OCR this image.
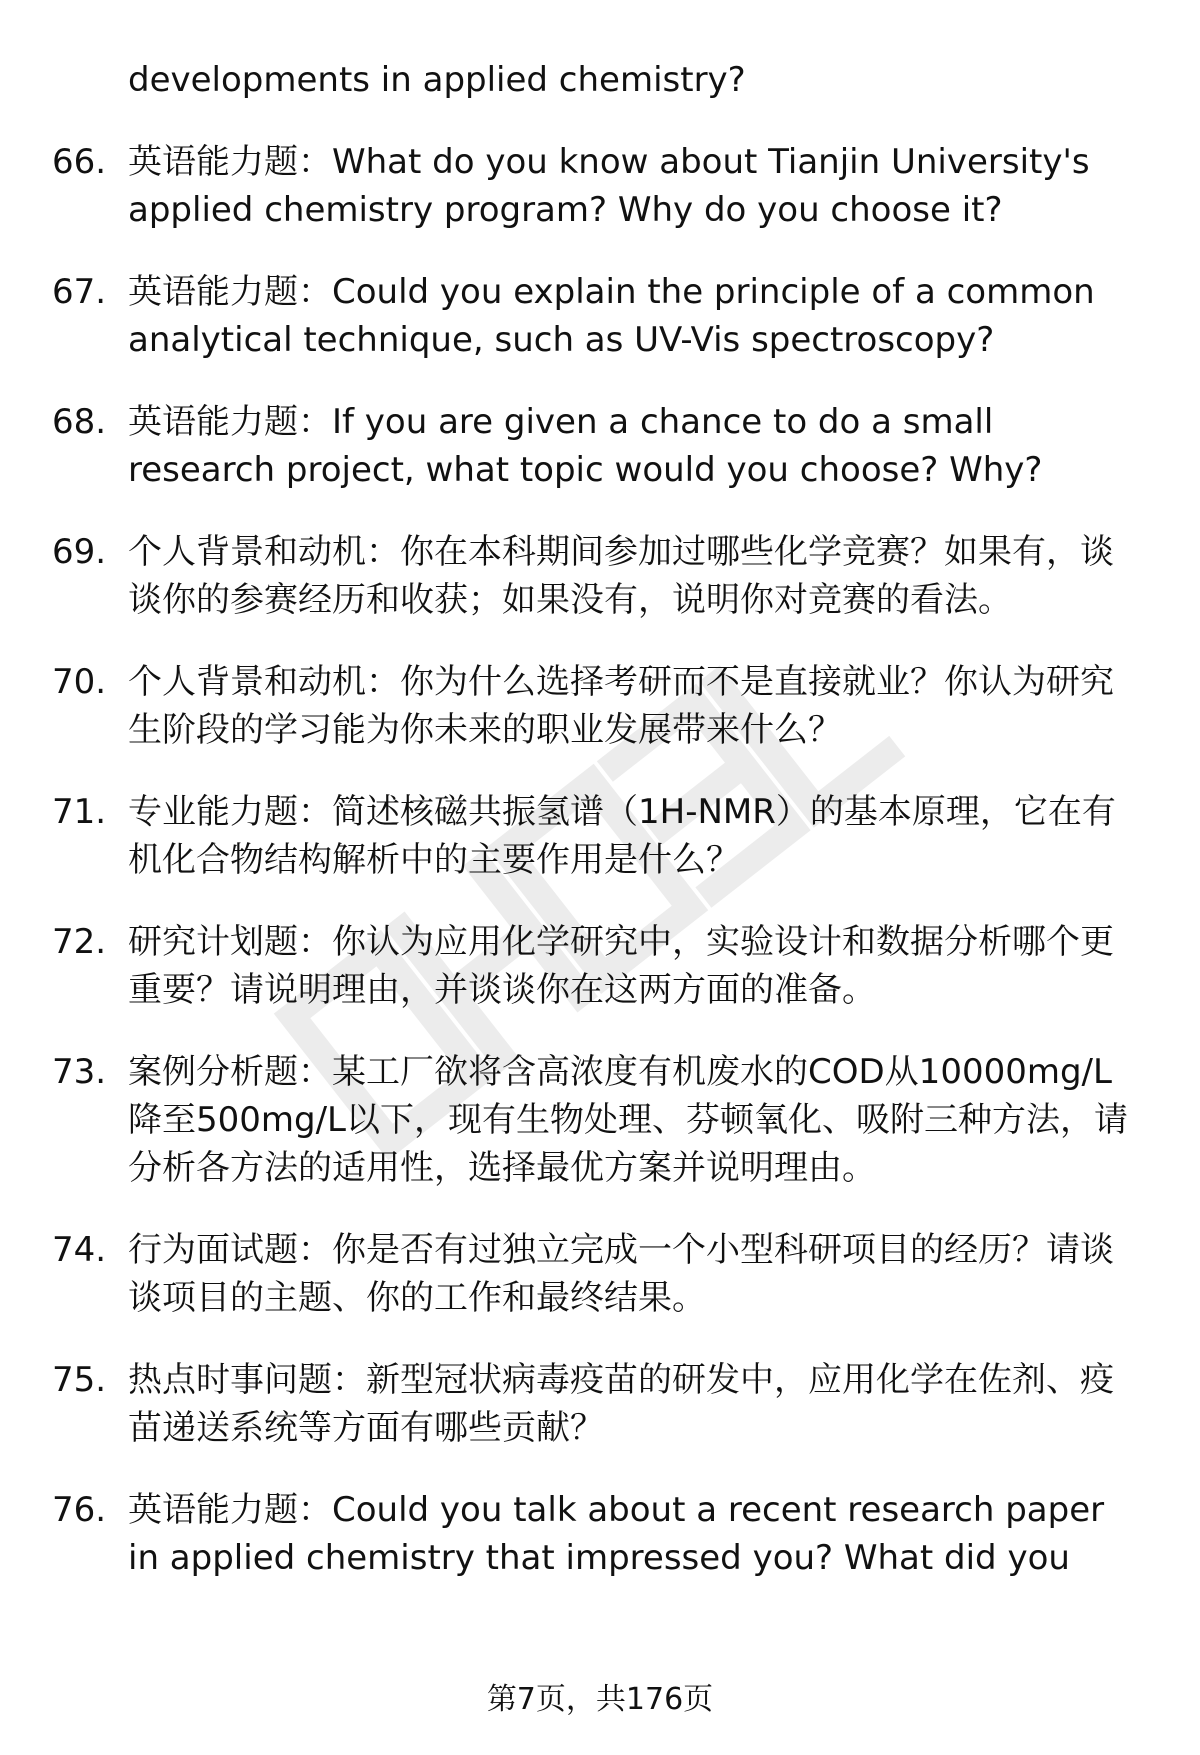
developments in applied chemistry?
66. 英语能力题：What do you know about Tianjin University's applied chemistry program? Why do you choose it?
67. 英语能力题：Could you explain the principle of a common analytical technique, such as UV-Vis spectroscopy?
68. 英语能力题：If you are given a chance to do a small research project, what topic would you choose? Why?
69. 个人背景和动机：你在本科期间参加过哪些化学竞赛？如果有，谈谈你的参赛经历和收获；如果没有，说明你对竞赛的看法。
70. 个人背景和动机：你为什么选择考研而不是直接就业？你认为研究生阶段的学习能为你未来的职业发展带来什么？
71. 专业能力题：简述核磁共振氢谱（1H-NMR）的基本原理，它在有机化合物结构解析中的主要作用是什么？
72. 研究计划题：你认为应用化学研究中，实验设计和数据分析哪个更重要？请说明理由，并谈谈你在这两方面的准备。
73. 案例分析题：某工厂欲将含高浓度有机废水的COD从10000mg/L降至500mg/L以下，现有生物处理、芬顿氧化、吸附三种方法，请分析各方法的适用性，选择最优方案并说明理由。
74. 行为面试题：你是否有过独立完成一个小型科研项目的经历？请谈谈项目的主题、你的工作和最终结果。
75. 热点时事问题：新型冠状病毒疫苗的研发中，应用化学在佐剂、疫苗递送系统等方面有哪些贡献？
76. 英语能力题：Could you talk about a recent research paper in applied chemistry that impressed you? What did you
第7页，共176页
